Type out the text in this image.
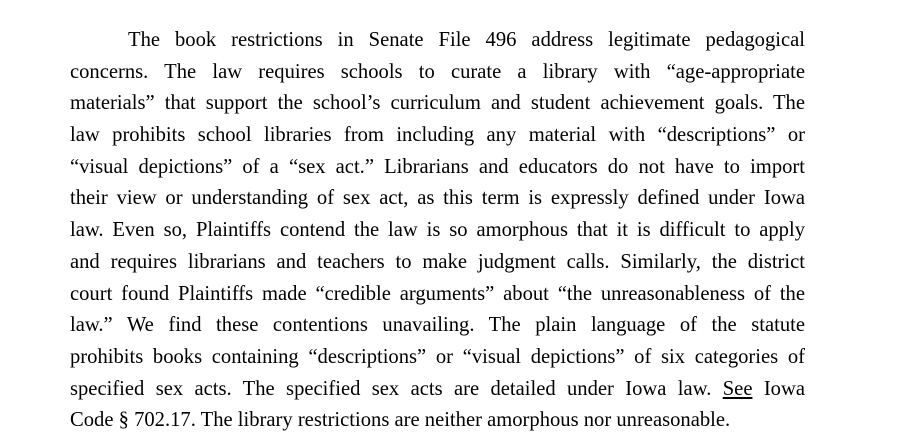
The book restrictions in Senate File 496 address legitimate pedagogical
concerns. The law requires schools to curate a library with “age-appropriate
materials” that support the school’s curriculum and student achievement goals. The
law prohibits school libraries from including any material with “descriptions” or
“visual depictions” of a “sex act.” Librarians and educators do not have to import
their view or understanding of sex act, as this term is expressly defined under Iowa
law. Even so, Plaintiffs contend the law is so amorphous that it is difficult to apply
and requires librarians and teachers to make judgment calls. Similarly, the district
court found Plaintiffs made “credible arguments” about “the unreasonableness of the
law.” We find these contentions unavailing. The plain language of the statute
prohibits books containing “descriptions” or “visual depictions” of six categories of
specified sex acts. The specified sex acts are detailed under Iowa law. See Iowa
Code § 702.17. The library restrictions are neither amorphous nor unreasonable.
